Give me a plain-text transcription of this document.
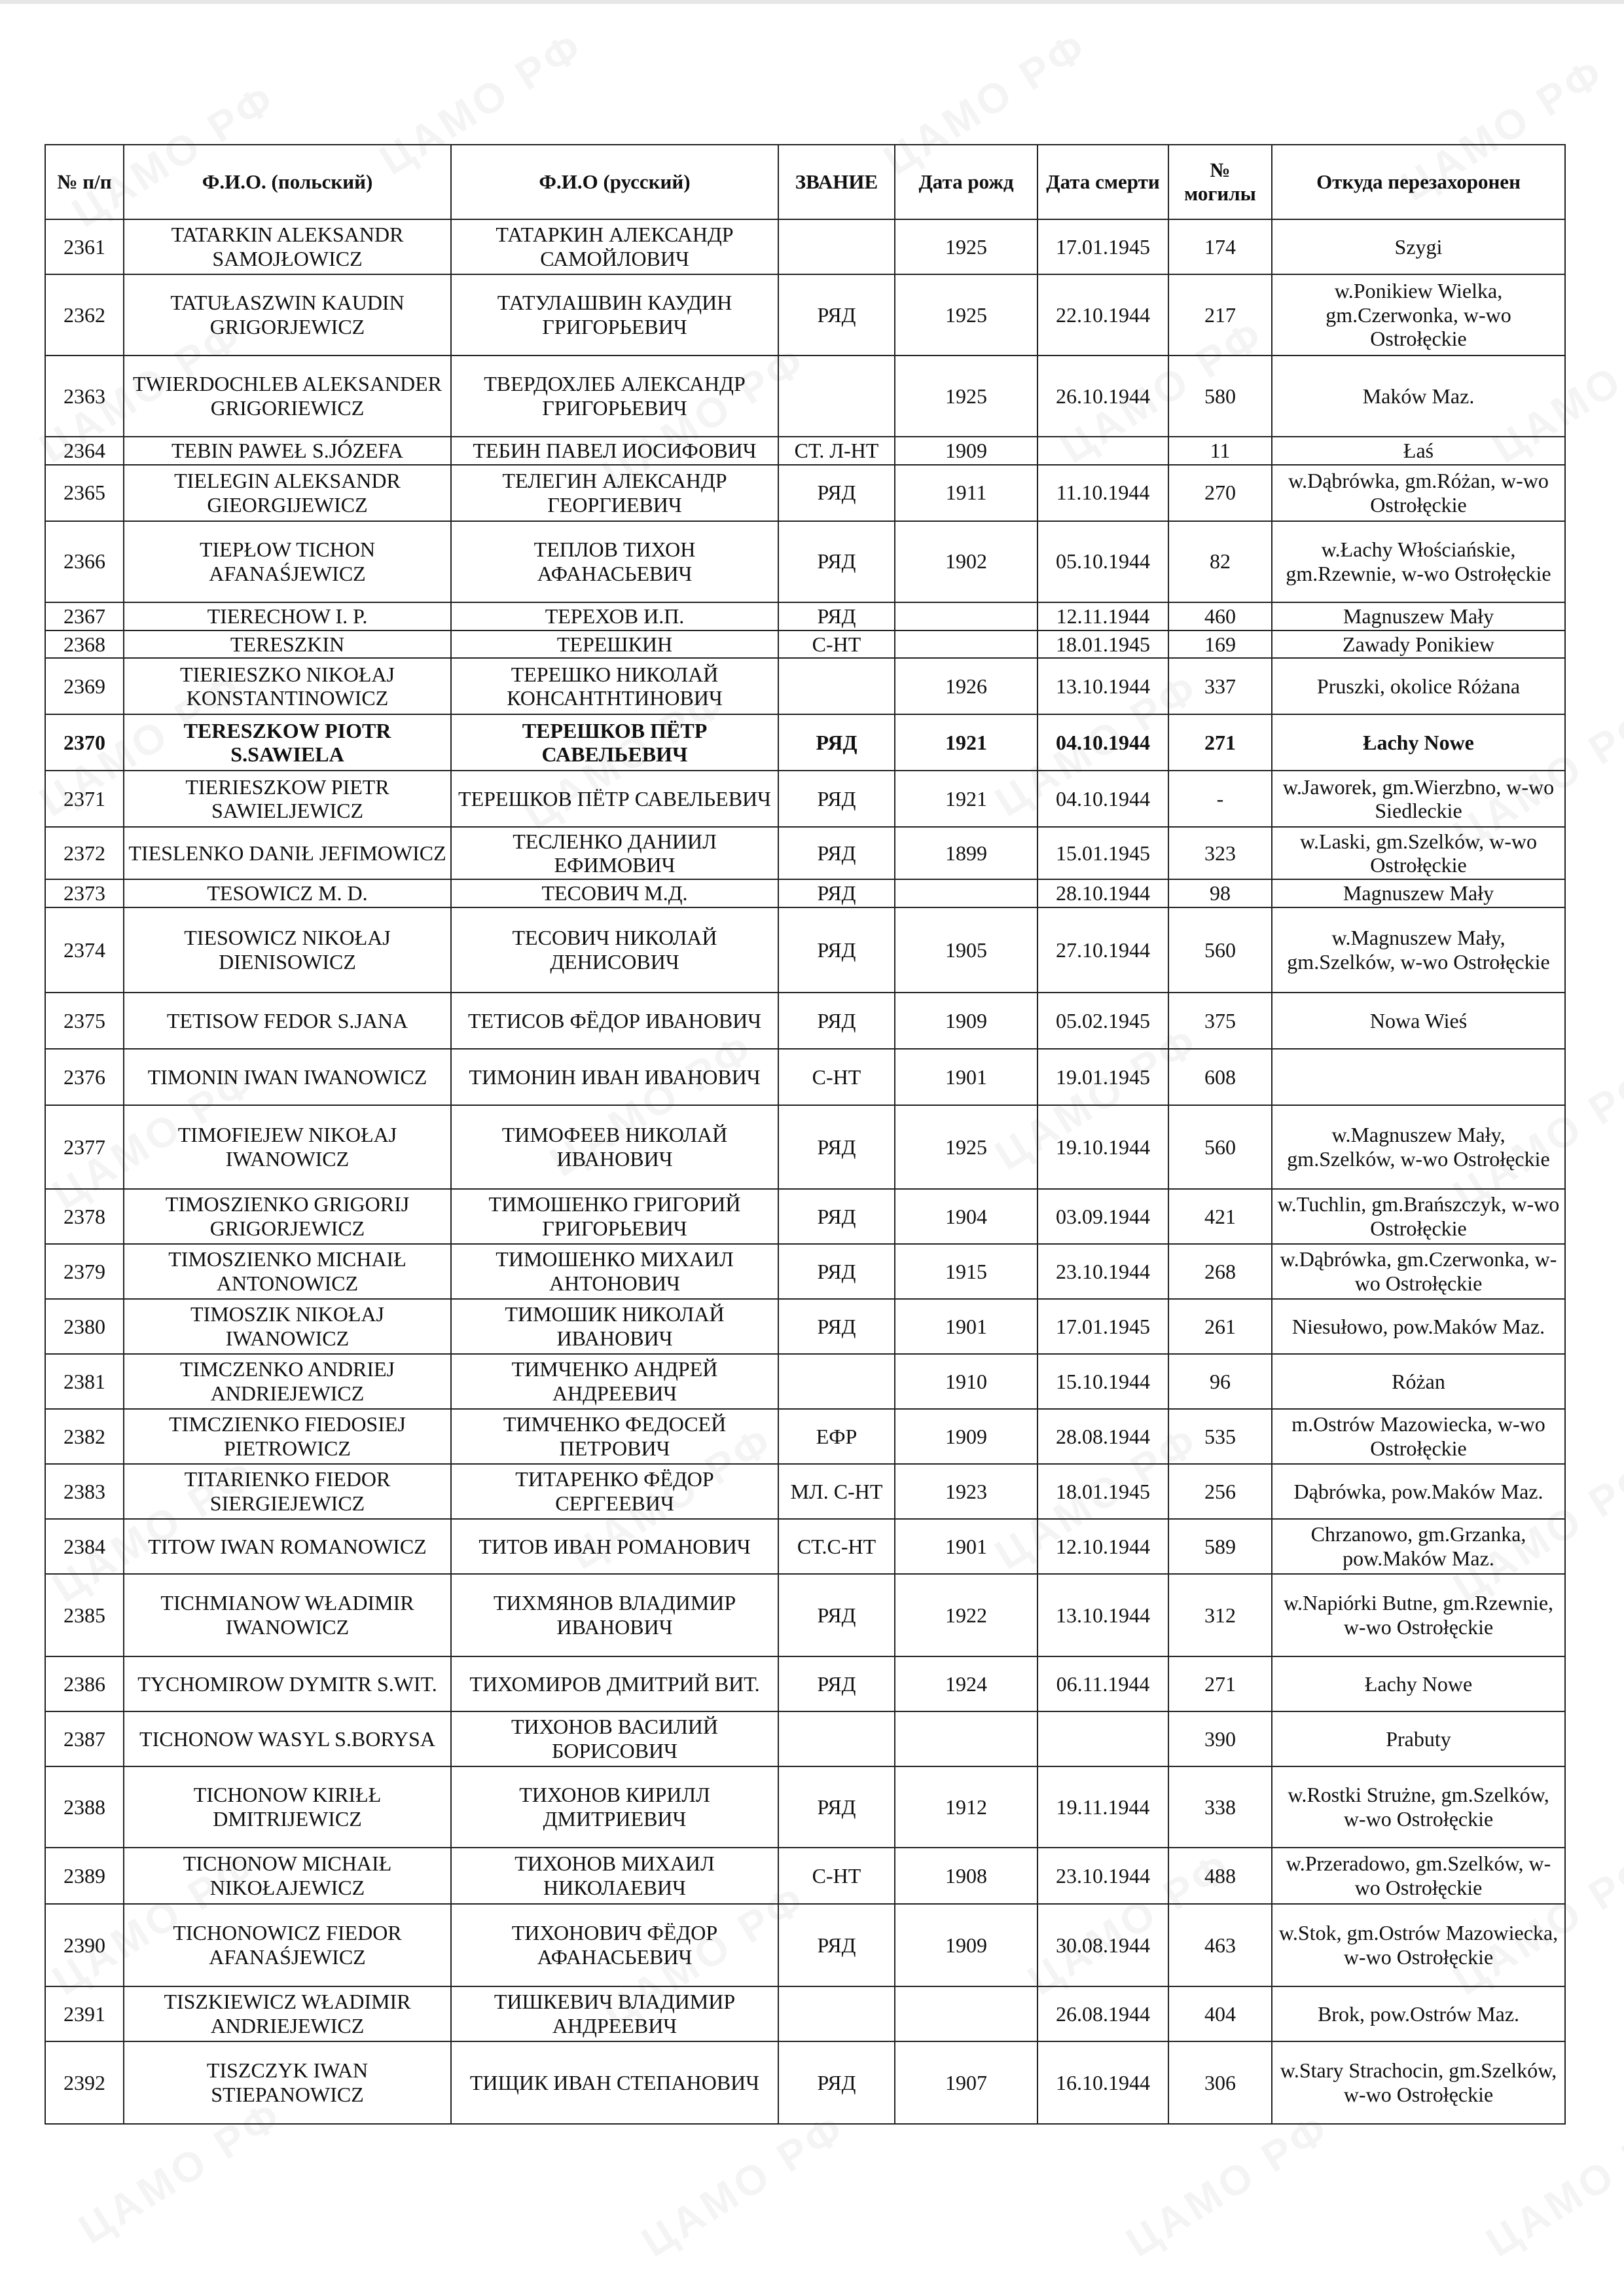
№ п/п	Ф.И.О. (польский)	Ф.И.О (русский)	ЗВАНИЕ	Дата рожд	Дата смерти	№ могилы	Откуда перезахоронен
2361	TATARKIN ALEKSANDR SAMOJŁOWICZ	ТАТАРКИН АЛЕКСАНДР САМОЙЛОВИЧ		1925	17.01.1945	174	Szygi
2362	TATUŁASZWIN KAUDIN GRIGORJEWICZ	ТАТУЛАШВИН КАУДИН ГРИГОРЬЕВИЧ	РЯД	1925	22.10.1944	217	w.Ponikiew Wielka, gm.Czerwonka, w-wo Ostrołęckie
2363	TWIERDOCHLEB ALEKSANDER GRIGORIEWICZ	ТВЕРДОХЛЕБ АЛЕКСАНДР ГРИГОРЬЕВИЧ		1925	26.10.1944	580	Maków Maz.
2364	TEBIN PAWEŁ S.JÓZEFA	ТЕБИН ПАВЕЛ ИОСИФОВИЧ	СТ. Л-НТ	1909		11	Łaś
2365	TIELEGIN ALEKSANDR GIEORGIJEWICZ	ТЕЛЕГИН АЛЕКСАНДР ГЕОРГИЕВИЧ	РЯД	1911	11.10.1944	270	w.Dąbrówka, gm.Różan, w-wo Ostrołęckie
2366	TIEPŁOW TICHON AFANAŚJEWICZ	ТЕПЛОВ ТИХОН АФАНАСЬЕВИЧ	РЯД	1902	05.10.1944	82	w.Łachy Włościańskie, gm.Rzewnie, w-wo Ostrołęckie
2367	TIERECHOW I. P.	ТЕРЕХОВ И.П.	РЯД		12.11.1944	460	Magnuszew Mały
2368	TERESZKIN	ТЕРЕШКИН	С-НТ		18.01.1945	169	Zawady Ponikiew
2369	TIERIESZKO NIKOŁAJ KONSTANTINOWICZ	ТЕРЕШКО НИКОЛАЙ КОНСАНТНТИНОВИЧ		1926	13.10.1944	337	Pruszki, okolice Różana
2370	TERESZKOW PIOTR S.SAWIELA	ТЕРЕШКОВ ПЁТР САВЕЛЬЕВИЧ	РЯД	1921	04.10.1944	271	Łachy Nowe
2371	TIERIESZKOW PIETR SAWIELJEWICZ	ТЕРЕШКОВ ПЁТР САВЕЛЬЕВИЧ	РЯД	1921	04.10.1944	-	w.Jaworek, gm.Wierzbno, w-wo Siedleckie
2372	TIESLENKO DANIŁ JEFIMOWICZ	ТЕСЛЕНКО ДАНИИЛ ЕФИМОВИЧ	РЯД	1899	15.01.1945	323	w.Laski, gm.Szelków, w-wo Ostrołęckie
2373	TESOWICZ M. D.	ТЕСОВИЧ М.Д.	РЯД		28.10.1944	98	Magnuszew Mały
2374	TIESOWICZ NIKOŁAJ DIENISOWICZ	ТЕСОВИЧ НИКОЛАЙ ДЕНИСОВИЧ	РЯД	1905	27.10.1944	560	w.Magnuszew Mały, gm.Szelków, w-wo Ostrołęckie
2375	TETISOW FEDOR S.JANA	ТЕТИСОВ ФЁДОР ИВАНОВИЧ	РЯД	1909	05.02.1945	375	Nowa Wieś
2376	TIMONIN IWAN IWANOWICZ	ТИМОНИН ИВАН ИВАНОВИЧ	С-НТ	1901	19.01.1945	608	
2377	TIMOFIEJEW NIKOŁAJ IWANOWICZ	ТИМОФЕЕВ НИКОЛАЙ ИВАНОВИЧ	РЯД	1925	19.10.1944	560	w.Magnuszew Mały, gm.Szelków, w-wo Ostrołęckie
2378	TIMOSZIENKO GRIGORIJ GRIGORJEWICZ	ТИМОШЕНКО ГРИГОРИЙ ГРИГОРЬЕВИЧ	РЯД	1904	03.09.1944	421	w.Tuchlin, gm.Brańszczyk, w-wo Ostrołęckie
2379	TIMOSZIENKO MICHAIŁ ANTONOWICZ	ТИМОШЕНКО МИХАИЛ АНТОНОВИЧ	РЯД	1915	23.10.1944	268	w.Dąbrówka, gm.Czerwonka, w-wo Ostrołęckie
2380	TIMOSZIK NIKOŁAJ IWANOWICZ	ТИМОШИК НИКОЛАЙ ИВАНОВИЧ	РЯД	1901	17.01.1945	261	Niesułowo, pow.Maków Maz.
2381	TIMCZENKO ANDRIEJ ANDRIEJEWICZ	ТИМЧЕНКО АНДРЕЙ АНДРЕЕВИЧ		1910	15.10.1944	96	Różan
2382	TIMCZIENKO FIEDOSIEJ PIETROWICZ	ТИМЧЕНКО ФЕДОСЕЙ ПЕТРОВИЧ	ЕФР	1909	28.08.1944	535	m.Ostrów Mazowiecka, w-wo Ostrołęckie
2383	TITARIENKO FIEDOR SIERGIEJEWICZ	ТИТАРЕНКО ФЁДОР СЕРГЕЕВИЧ	МЛ. С-НТ	1923	18.01.1945	256	Dąbrówka, pow.Maków Maz.
2384	TITOW IWAN ROMANOWICZ	ТИТОВ ИВАН РОМАНОВИЧ	СТ.С-НТ	1901	12.10.1944	589	Chrzanowo, gm.Grzanka, pow.Maków Maz.
2385	TICHMIANOW WŁADIMIR IWANOWICZ	ТИХМЯНОВ ВЛАДИМИР ИВАНОВИЧ	РЯД	1922	13.10.1944	312	w.Napiórki Butne, gm.Rzewnie, w-wo Ostrołęckie
2386	TYCHOMIROW DYMITR S.WIT.	ТИХОМИРОВ ДМИТРИЙ ВИТ.	РЯД	1924	06.11.1944	271	Łachy Nowe
2387	TICHONOW WASYL S.BORYSA	ТИХОНОВ ВАСИЛИЙ БОРИСОВИЧ				390	Prabuty
2388	TICHONOW KIRIŁŁ DMITRIJEWICZ	ТИХОНОВ КИРИЛЛ ДМИТРИЕВИЧ	РЯД	1912	19.11.1944	338	w.Rostki Strużne, gm.Szelków, w-wo Ostrołęckie
2389	TICHONOW MICHAIŁ NIKOŁAJEWICZ	ТИХОНОВ МИХАИЛ НИКОЛАЕВИЧ	С-НТ	1908	23.10.1944	488	w.Przeradowo, gm.Szelków, w-wo Ostrołęckie
2390	TICHONOWICZ FIEDOR AFANAŚJEWICZ	ТИХОНОВИЧ ФЁДОР АФАНАСЬЕВИЧ	РЯД	1909	30.08.1944	463	w.Stok, gm.Ostrów Mazowiecka, w-wo Ostrołęckie
2391	TISZKIEWICZ WŁADIMIR ANDRIEJEWICZ	ТИШКЕВИЧ ВЛАДИМИР АНДРЕЕВИЧ			26.08.1944	404	Brok, pow.Ostrów Maz.
2392	TISZCZYK IWAN STIEPANOWICZ	ТИЩИК ИВАН СТЕПАНОВИЧ	РЯД	1907	16.10.1944	306	w.Stary Strachocin, gm.Szelków, w-wo Ostrołęckie
